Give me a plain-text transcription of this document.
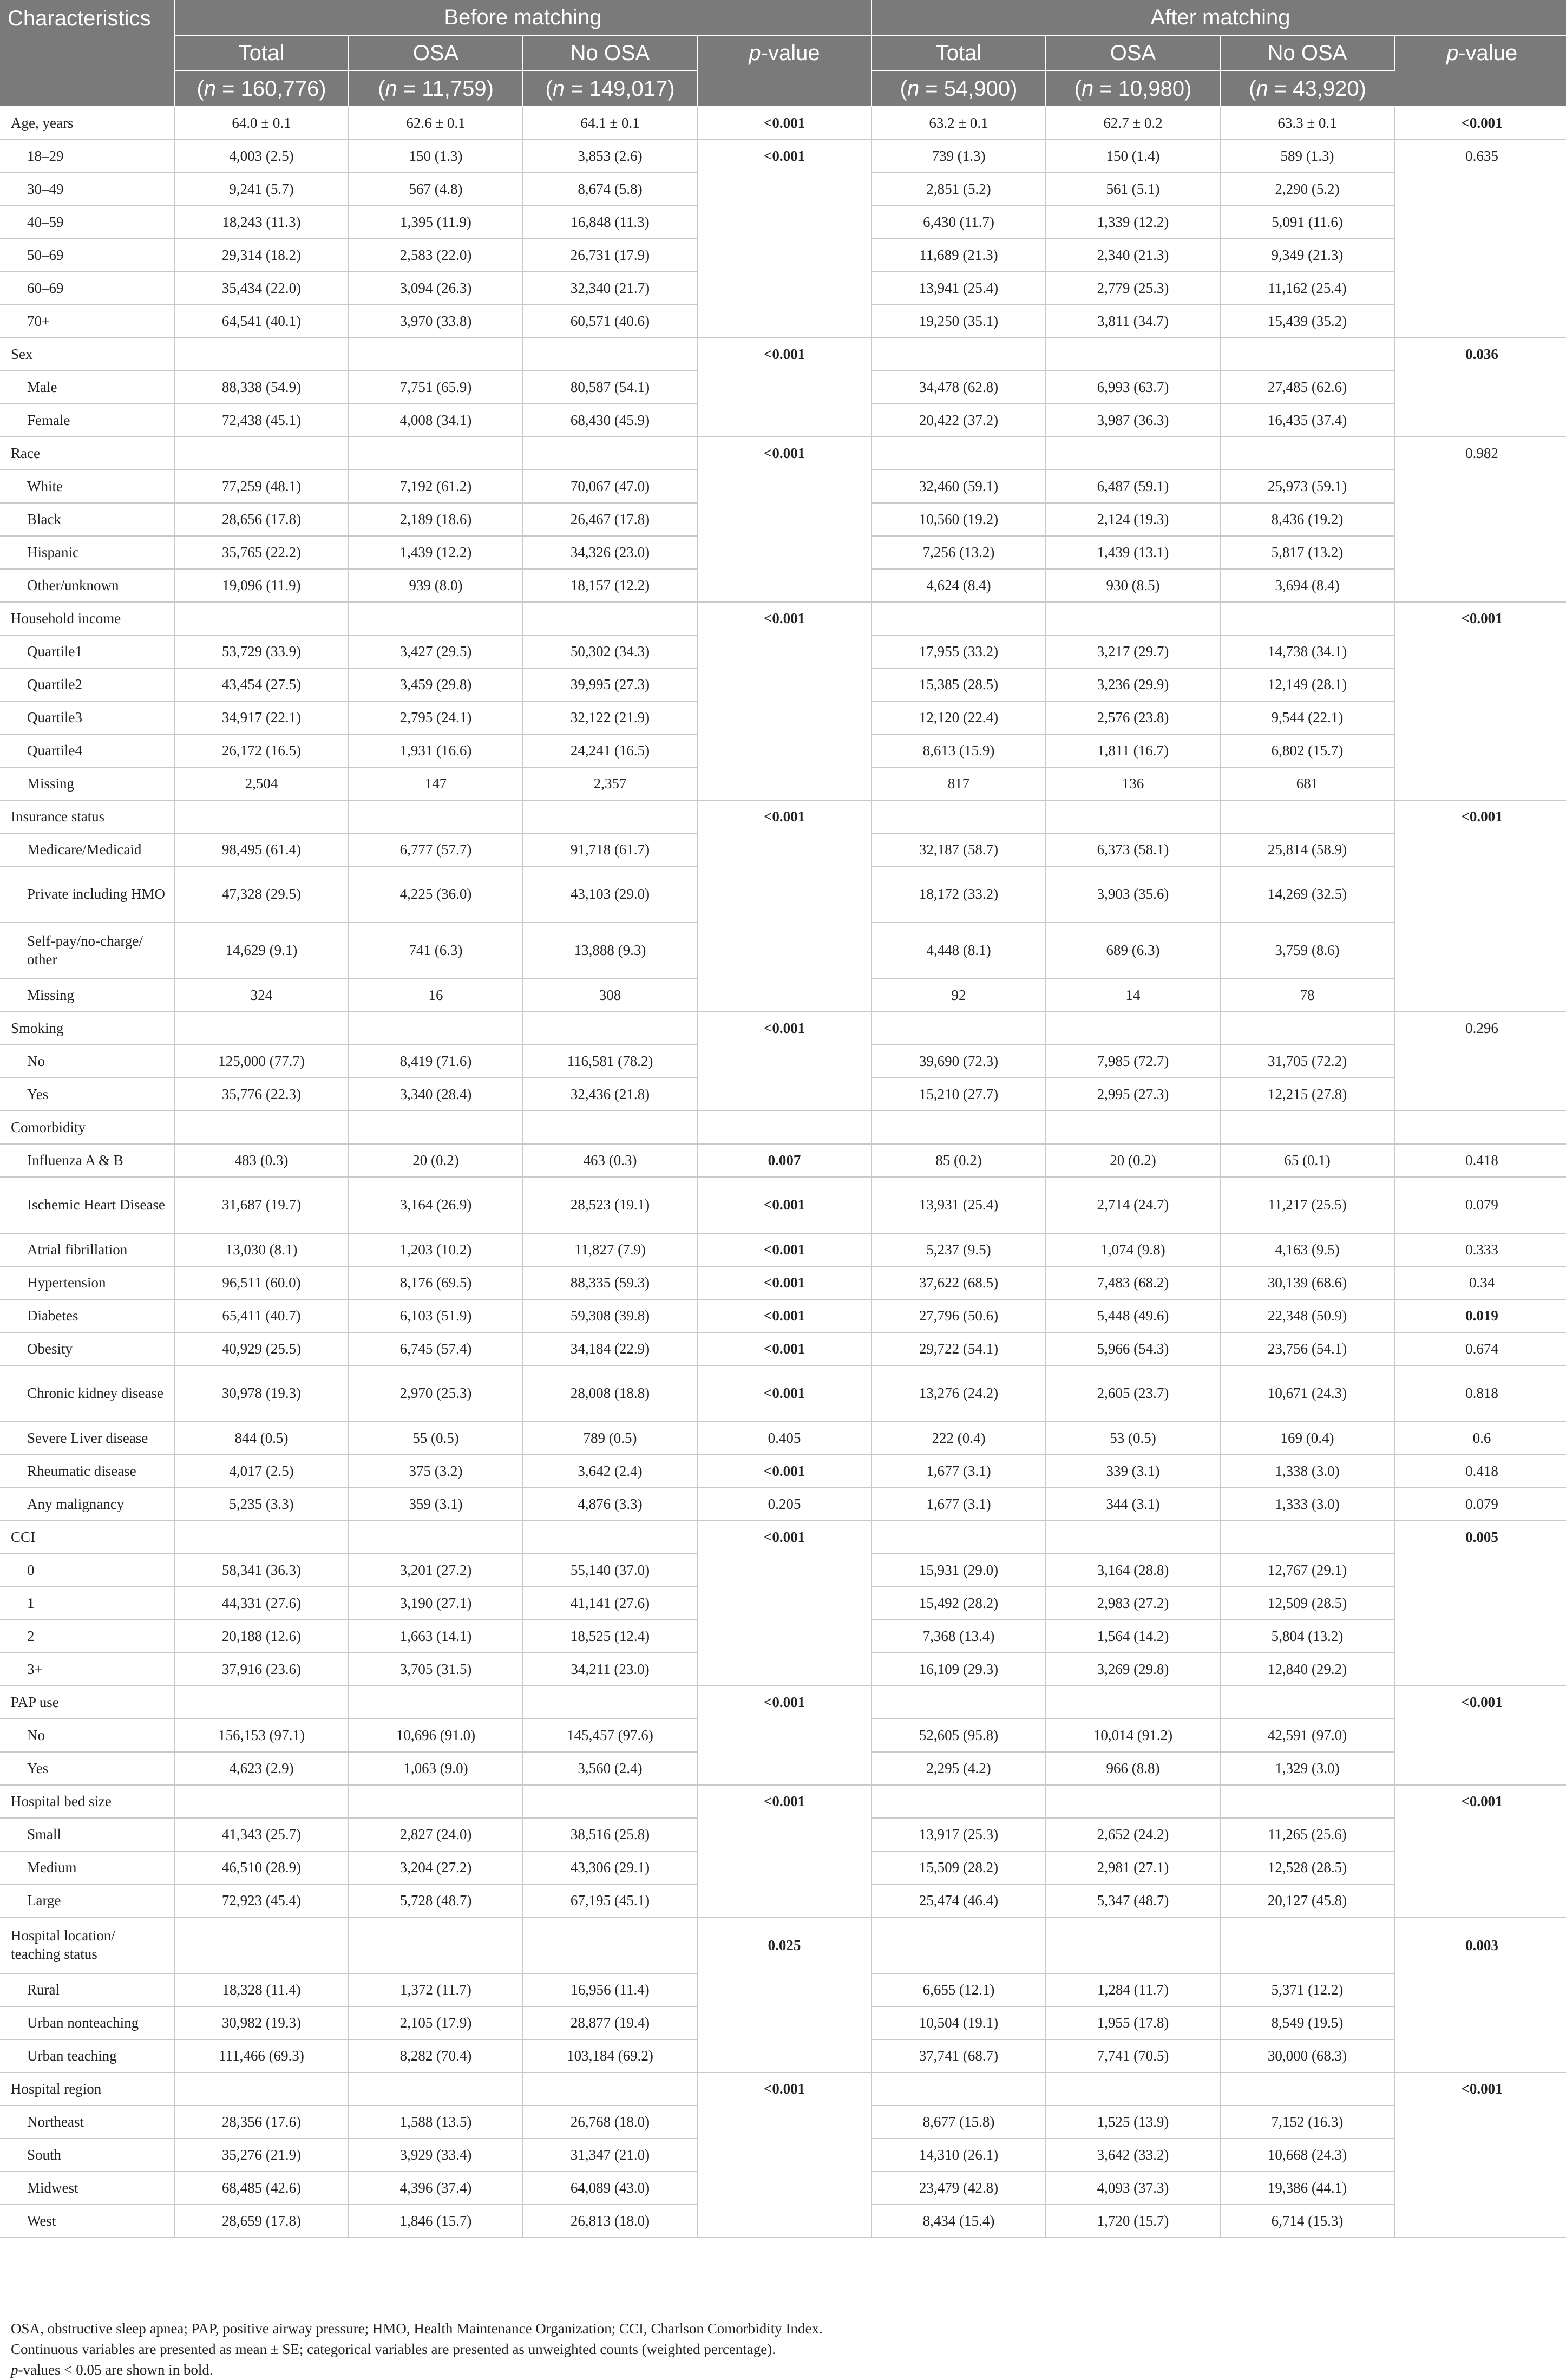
Characteristics	Before matching				After matching			
	Total	OSA	No OSA	p-value	Total	OSA	No OSA	p-value
	(n = 160,776)	(n = 11,759)	(n = 149,017)		(n = 54,900)	(n = 10,980)	(n = 43,920)	
Age, years	64.0 ± 0.1	62.6 ± 0.1	64.1 ± 0.1	<0.001	63.2 ± 0.1	62.7 ± 0.2	63.3 ± 0.1	<0.001
18–29	4,003 (2.5)	150 (1.3)	3,853 (2.6)	<0.001	739 (1.3)	150 (1.4)	589 (1.3)	0.635
30–49	9,241 (5.7)	567 (4.8)	8,674 (5.8)		2,851 (5.2)	561 (5.1)	2,290 (5.2)	
40–59	18,243 (11.3)	1,395 (11.9)	16,848 (11.3)		6,430 (11.7)	1,339 (12.2)	5,091 (11.6)	
50–69	29,314 (18.2)	2,583 (22.0)	26,731 (17.9)		11,689 (21.3)	2,340 (21.3)	9,349 (21.3)	
60–69	35,434 (22.0)	3,094 (26.3)	32,340 (21.7)		13,941 (25.4)	2,779 (25.3)	11,162 (25.4)	
70+	64,541 (40.1)	3,970 (33.8)	60,571 (40.6)		19,250 (35.1)	3,811 (34.7)	15,439 (35.2)	
Sex				<0.001				0.036
Male	88,338 (54.9)	7,751 (65.9)	80,587 (54.1)		34,478 (62.8)	6,993 (63.7)	27,485 (62.6)	
Female	72,438 (45.1)	4,008 (34.1)	68,430 (45.9)		20,422 (37.2)	3,987 (36.3)	16,435 (37.4)	
Race				<0.001				0.982
White	77,259 (48.1)	7,192 (61.2)	70,067 (47.0)		32,460 (59.1)	6,487 (59.1)	25,973 (59.1)	
Black	28,656 (17.8)	2,189 (18.6)	26,467 (17.8)		10,560 (19.2)	2,124 (19.3)	8,436 (19.2)	
Hispanic	35,765 (22.2)	1,439 (12.2)	34,326 (23.0)		7,256 (13.2)	1,439 (13.1)	5,817 (13.2)	
Other/unknown	19,096 (11.9)	939 (8.0)	18,157 (12.2)		4,624 (8.4)	930 (8.5)	3,694 (8.4)	
Household income				<0.001				<0.001
Quartile1	53,729 (33.9)	3,427 (29.5)	50,302 (34.3)		17,955 (33.2)	3,217 (29.7)	14,738 (34.1)	
Quartile2	43,454 (27.5)	3,459 (29.8)	39,995 (27.3)		15,385 (28.5)	3,236 (29.9)	12,149 (28.1)	
Quartile3	34,917 (22.1)	2,795 (24.1)	32,122 (21.9)		12,120 (22.4)	2,576 (23.8)	9,544 (22.1)	
Quartile4	26,172 (16.5)	1,931 (16.6)	24,241 (16.5)		8,613 (15.9)	1,811 (16.7)	6,802 (15.7)	
Missing	2,504	147	2,357		817	136	681	
Insurance status				<0.001				<0.001
Medicare/Medicaid	98,495 (61.4)	6,777 (57.7)	91,718 (61.7)		32,187 (58.7)	6,373 (58.1)	25,814 (58.9)	
Private including HMO	47,328 (29.5)	4,225 (36.0)	43,103 (29.0)		18,172 (33.2)	3,903 (35.6)	14,269 (32.5)	
Self-pay/no-charge/ other	14,629 (9.1)	741 (6.3)	13,888 (9.3)		4,448 (8.1)	689 (6.3)	3,759 (8.6)	
Missing	324	16	308		92	14	78	
Smoking				<0.001				0.296
No	125,000 (77.7)	8,419 (71.6)	116,581 (78.2)		39,690 (72.3)	7,985 (72.7)	31,705 (72.2)	
Yes	35,776 (22.3)	3,340 (28.4)	32,436 (21.8)		15,210 (27.7)	2,995 (27.3)	12,215 (27.8)	
Comorbidity								
Influenza A & B	483 (0.3)	20 (0.2)	463 (0.3)	0.007	85 (0.2)	20 (0.2)	65 (0.1)	0.418
Ischemic Heart Disease	31,687 (19.7)	3,164 (26.9)	28,523 (19.1)	<0.001	13,931 (25.4)	2,714 (24.7)	11,217 (25.5)	0.079
Atrial fibrillation	13,030 (8.1)	1,203 (10.2)	11,827 (7.9)	<0.001	5,237 (9.5)	1,074 (9.8)	4,163 (9.5)	0.333
Hypertension	96,511 (60.0)	8,176 (69.5)	88,335 (59.3)	<0.001	37,622 (68.5)	7,483 (68.2)	30,139 (68.6)	0.34
Diabetes	65,411 (40.7)	6,103 (51.9)	59,308 (39.8)	<0.001	27,796 (50.6)	5,448 (49.6)	22,348 (50.9)	0.019
Obesity	40,929 (25.5)	6,745 (57.4)	34,184 (22.9)	<0.001	29,722 (54.1)	5,966 (54.3)	23,756 (54.1)	0.674
Chronic kidney disease	30,978 (19.3)	2,970 (25.3)	28,008 (18.8)	<0.001	13,276 (24.2)	2,605 (23.7)	10,671 (24.3)	0.818
Severe Liver disease	844 (0.5)	55 (0.5)	789 (0.5)	0.405	222 (0.4)	53 (0.5)	169 (0.4)	0.6
Rheumatic disease	4,017 (2.5)	375 (3.2)	3,642 (2.4)	<0.001	1,677 (3.1)	339 (3.1)	1,338 (3.0)	0.418
Any malignancy	5,235 (3.3)	359 (3.1)	4,876 (3.3)	0.205	1,677 (3.1)	344 (3.1)	1,333 (3.0)	0.079
CCI				<0.001				0.005
0	58,341 (36.3)	3,201 (27.2)	55,140 (37.0)		15,931 (29.0)	3,164 (28.8)	12,767 (29.1)	
1	44,331 (27.6)	3,190 (27.1)	41,141 (27.6)		15,492 (28.2)	2,983 (27.2)	12,509 (28.5)	
2	20,188 (12.6)	1,663 (14.1)	18,525 (12.4)		7,368 (13.4)	1,564 (14.2)	5,804 (13.2)	
3+	37,916 (23.6)	3,705 (31.5)	34,211 (23.0)		16,109 (29.3)	3,269 (29.8)	12,840 (29.2)	
PAP use				<0.001				<0.001
No	156,153 (97.1)	10,696 (91.0)	145,457 (97.6)		52,605 (95.8)	10,014 (91.2)	42,591 (97.0)	
Yes	4,623 (2.9)	1,063 (9.0)	3,560 (2.4)		2,295 (4.2)	966 (8.8)	1,329 (3.0)	
Hospital bed size				<0.001				<0.001
Small	41,343 (25.7)	2,827 (24.0)	38,516 (25.8)		13,917 (25.3)	2,652 (24.2)	11,265 (25.6)	
Medium	46,510 (28.9)	3,204 (27.2)	43,306 (29.1)		15,509 (28.2)	2,981 (27.1)	12,528 (28.5)	
Large	72,923 (45.4)	5,728 (48.7)	67,195 (45.1)		25,474 (46.4)	5,347 (48.7)	20,127 (45.8)	
Hospital location/ teaching status				0.025				0.003
Rural	18,328 (11.4)	1,372 (11.7)	16,956 (11.4)		6,655 (12.1)	1,284 (11.7)	5,371 (12.2)	
Urban nonteaching	30,982 (19.3)	2,105 (17.9)	28,877 (19.4)		10,504 (19.1)	1,955 (17.8)	8,549 (19.5)	
Urban teaching	111,466 (69.3)	8,282 (70.4)	103,184 (69.2)		37,741 (68.7)	7,741 (70.5)	30,000 (68.3)	
Hospital region				<0.001				<0.001
Northeast	28,356 (17.6)	1,588 (13.5)	26,768 (18.0)		8,677 (15.8)	1,525 (13.9)	7,152 (16.3)	
South	35,276 (21.9)	3,929 (33.4)	31,347 (21.0)		14,310 (26.1)	3,642 (33.2)	10,668 (24.3)	
Midwest	68,485 (42.6)	4,396 (37.4)	64,089 (43.0)		23,479 (42.8)	4,093 (37.3)	19,386 (44.1)	
West	28,659 (17.8)	1,846 (15.7)	26,813 (18.0)		8,434 (15.4)	1,720 (15.7)	6,714 (15.3)	
OSA, obstructive sleep apnea; PAP, positive airway pressure; HMO, Health Maintenance Organization; CCI, Charlson Comorbidity Index.
Continuous variables are presented as mean ± SE; categorical variables are presented as unweighted counts (weighted percentage).
p-values < 0.05 are shown in bold.
